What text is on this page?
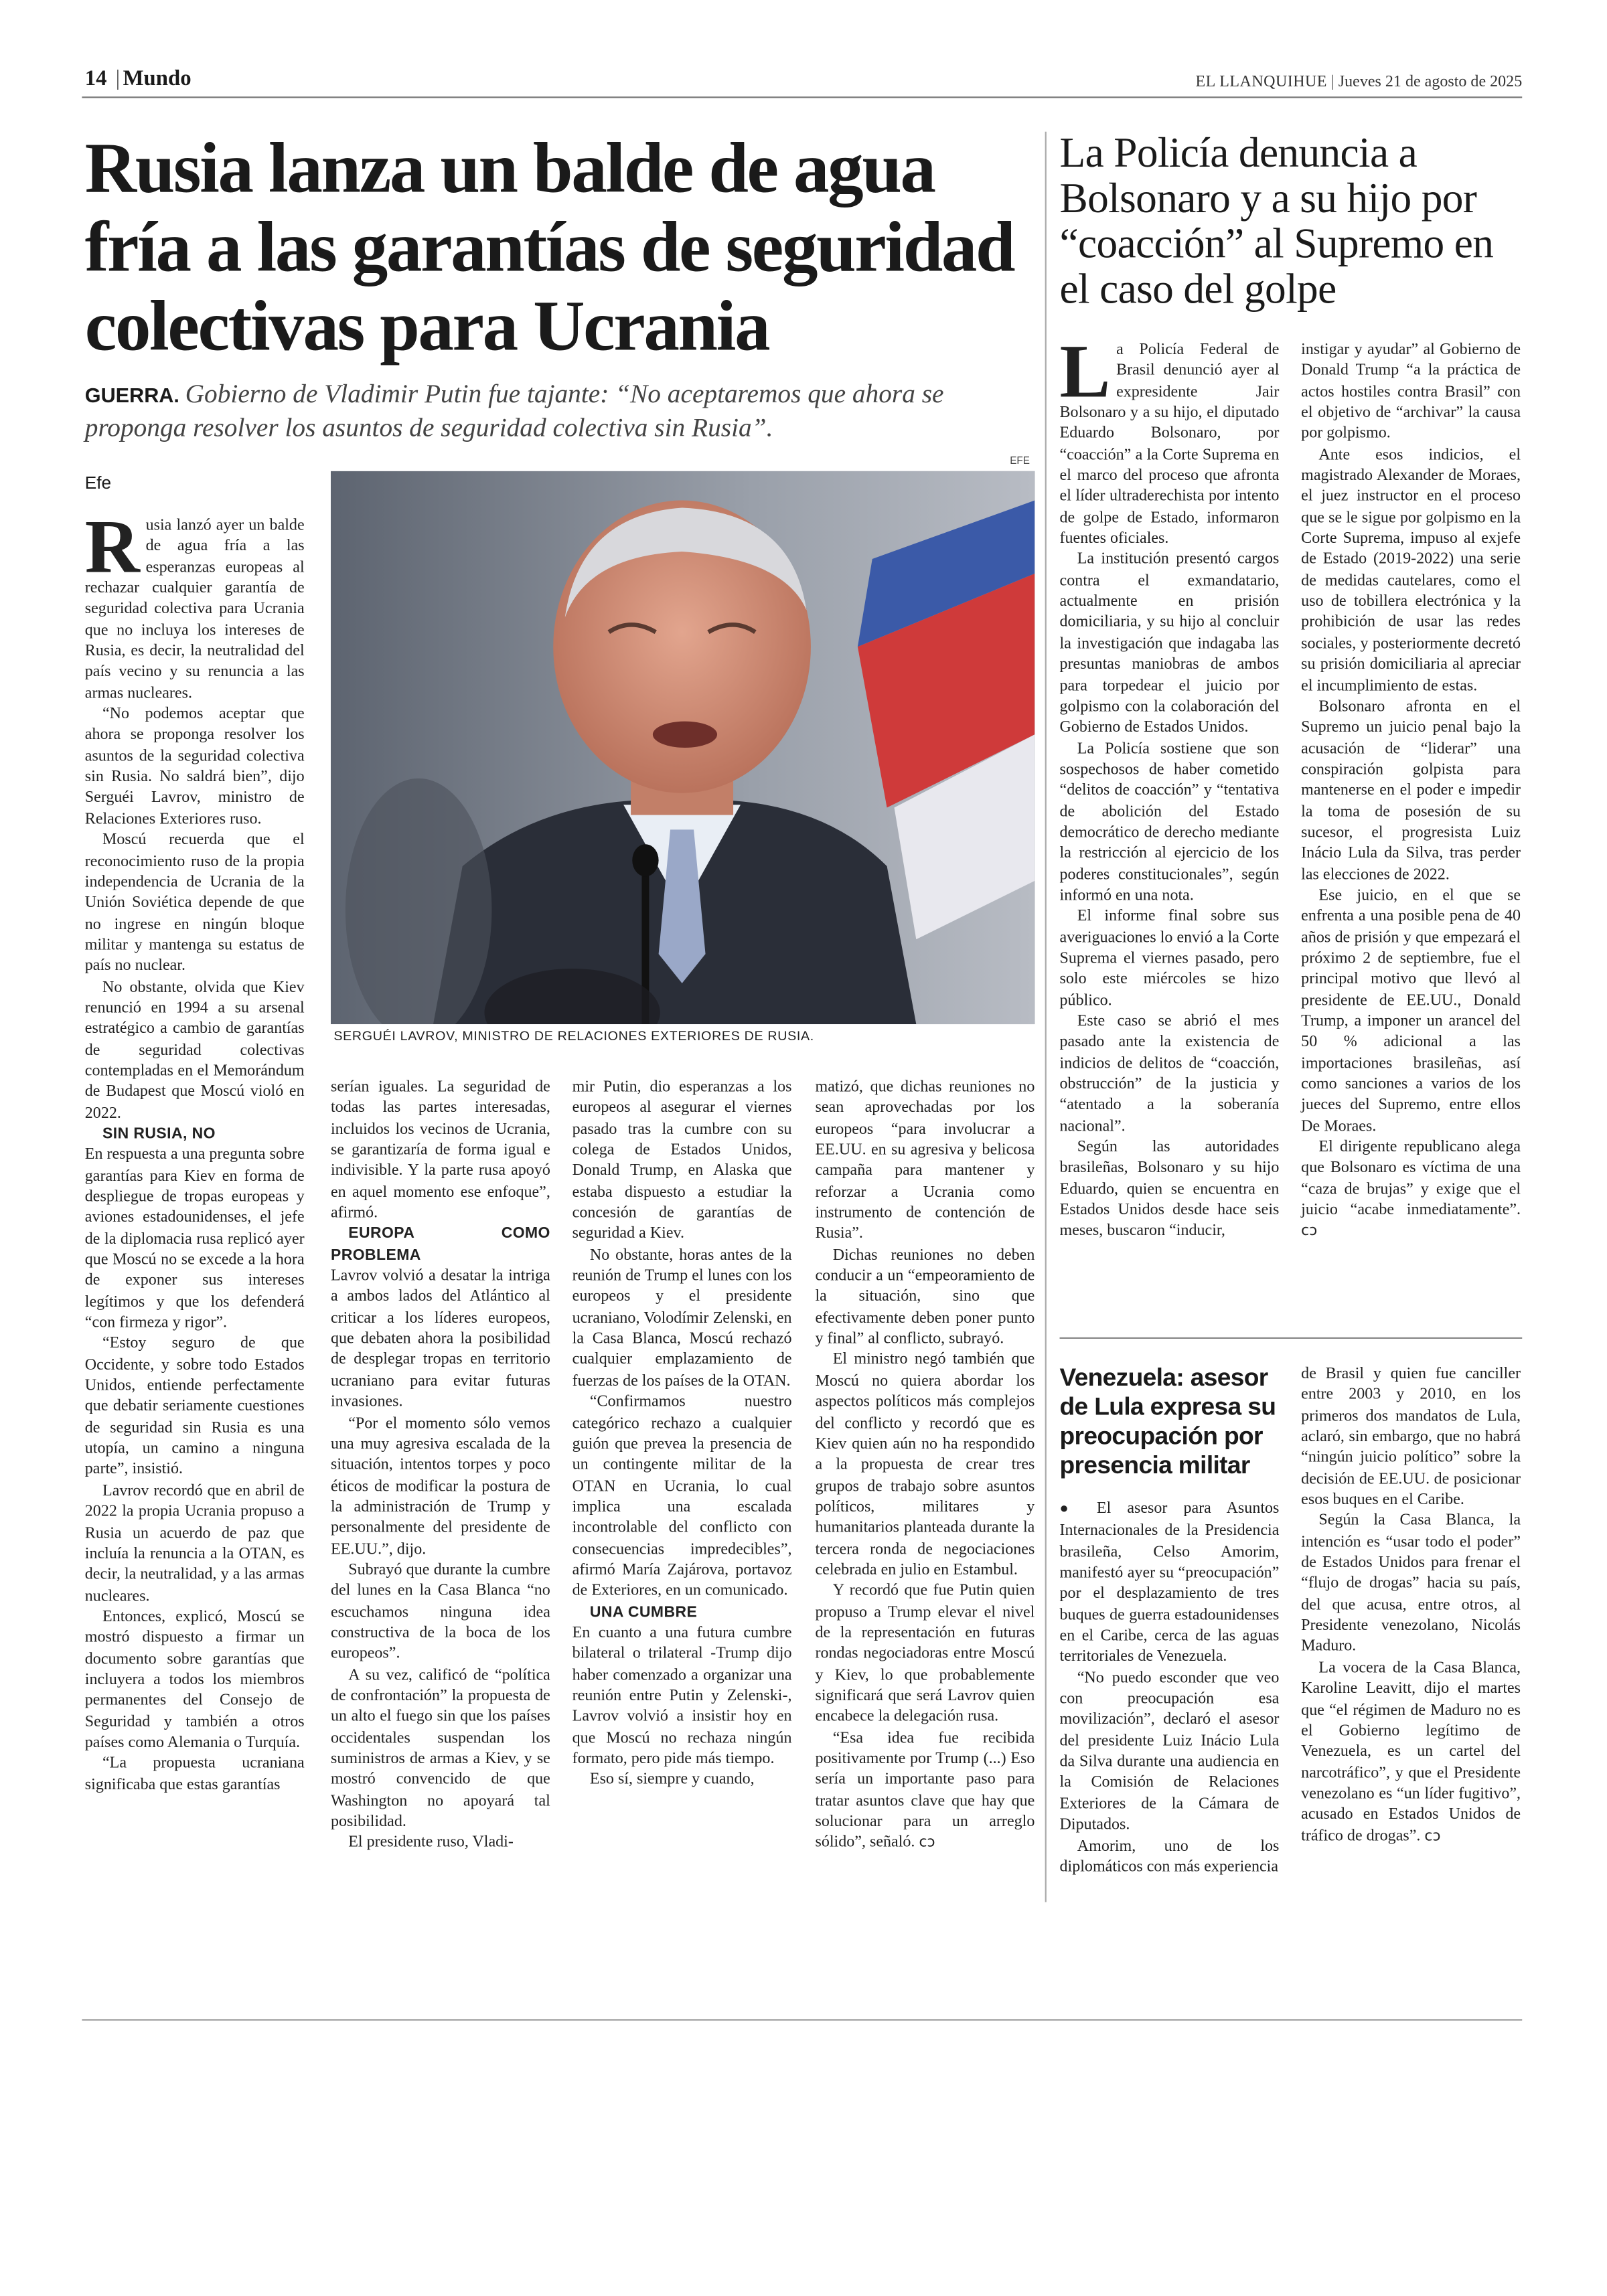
14 | Mundo	EL LLANQUIHUE | Jueves 21 de agosto de 2025
Rusia lanza un balde de agua fría a las garantías de seguridad colectivas para Ucrania
GUERRA. Gobierno de Vladimir Putin fue tajante: “No aceptaremos que ahora se proponga resolver los asuntos de seguridad colectiva sin Rusia”.
Efe
La Policía denuncia a Bolsonaro y a su hijo por “coacción” al Supremo en el caso del golpe
EFE
SERGUÉI LAVROV, MINISTRO DE RELACIONES EXTERIORES DE RUSIA.

Rusia lanzó ayer un balde de agua fría a las esperanzas europeas al rechazar cualquier garantía de seguridad colectiva para Ucrania que no incluya los intereses de Rusia, es decir, la neutralidad del país vecino y su renuncia a las armas nucleares.

“No podemos aceptar que ahora se proponga resolver los asuntos de la seguridad colectiva sin Rusia. No saldrá bien”, dijo Serguéi Lavrov, ministro de Relaciones Exteriores ruso.

Moscú recuerda que el reconocimiento ruso de la propia independencia de Ucrania de la Unión Soviética depende de que no ingrese en ningún bloque militar y mantenga su estatus de país no nuclear.

No obstante, olvida que Kiev renunció en 1994 a su arsenal estratégico a cambio de garantías de seguridad colectivas contempladas en el Memorándum de Budapest que Moscú violó en 2022.

SIN RUSIA, NO

En respuesta a una pregunta sobre garantías para Kiev en forma de despliegue de tropas europeas y aviones estadounidenses, el jefe de la diplomacia rusa replicó ayer que Moscú no se excede a la hora de exponer sus intereses legítimos y que los defenderá “con firmeza y rigor”.

“Estoy seguro de que Occidente, y sobre todo Estados Unidos, entiende perfectamente que debatir seriamente cuestiones de seguridad sin Rusia es una utopía, un camino a ninguna parte”, insistió.

Lavrov recordó que en abril de 2022 la propia Ucrania propuso a Rusia un acuerdo de paz que incluía la renuncia a la OTAN, es decir, la neutralidad, y a las armas nucleares.

Entonces, explicó, Moscú se mostró dispuesto a firmar un documento sobre garantías que incluyera a todos los miembros permanentes del Consejo de Seguridad y también a otros países como Alemania o Turquía.

“La propuesta ucraniana significaba que estas garantías

serían iguales. La seguridad de todas las partes interesadas, incluidos los vecinos de Ucrania, se garantizaría de forma igual e indivisible. Y la parte rusa apoyó en aquel momento ese enfoque”, afirmó.

EUROPA COMO PROBLEMA

Lavrov volvió a desatar la intriga a ambos lados del Atlántico al criticar a los líderes europeos, que debaten ahora la posibilidad de desplegar tropas en territorio ucraniano para evitar futuras invasiones.

“Por el momento sólo vemos una muy agresiva escalada de la situación, intentos torpes y poco éticos de modificar la postura de la administración de Trump y personalmente del presidente de EE.UU.”, dijo.

Subrayó que durante la cumbre del lunes en la Casa Blanca “no escuchamos ninguna idea constructiva de la boca de los europeos”.

A su vez, calificó de “política de confrontación” la propuesta de un alto el fuego sin que los países occidentales suspendan los suministros de armas a Kiev, y se mostró convencido de que Washington no apoyará tal posibilidad.

El presidente ruso, Vladi-

mir Putin, dio esperanzas a los europeos al asegurar el viernes pasado tras la cumbre con su colega de Estados Unidos, Donald Trump, en Alaska que estaba dispuesto a estudiar la concesión de garantías de seguridad a Kiev.

No obstante, horas antes de la reunión de Trump el lunes con los europeos y el presidente ucraniano, Volodímir Zelenski, en la Casa Blanca, Moscú rechazó cualquier emplazamiento de fuerzas de los países de la OTAN.

“Confirmamos nuestro categórico rechazo a cualquier guión que prevea la presencia de un contingente militar de la OTAN en Ucrania, lo cual implica una escalada incontrolable del conflicto con consecuencias impredecibles”, afirmó María Zajárova, portavoz de Exteriores, en un comunicado.

UNA CUMBRE

En cuanto a una futura cumbre bilateral o trilateral -Trump dijo haber comenzado a organizar una reunión entre Putin y Zelenski-, Lavrov volvió a insistir hoy en que Moscú no rechaza ningún formato, pero pide más tiempo.

Eso sí, siempre y cuando,

matizó, que dichas reuniones no sean aprovechadas por los europeos “para involucrar a EE.UU. en su agresiva y belicosa campaña para mantener y reforzar a Ucrania como instrumento de contención de Rusia”.

Dichas reuniones no deben conducir a un “empeoramiento de la situación, sino que efectivamente deben poner punto y final” al conflicto, subrayó.

El ministro negó también que Moscú no quiera abordar los aspectos políticos más complejos del conflicto y recordó que es Kiev quien aún no ha respondido a la propuesta de crear tres grupos de trabajo sobre asuntos políticos, militares y humanitarios planteada durante la tercera ronda de negociaciones celebrada en julio en Estambul.

Y recordó que fue Putin quien propuso a Trump elevar el nivel de la representación en futuras rondas negociadoras entre Moscú y Kiev, lo que probablemente significará que será Lavrov quien encabece la delegación rusa.

“Esa idea fue recibida positivamente por Trump (...) Eso sería un importante paso para tratar asuntos clave que hay que solucionar para un arreglo sólido”, señaló. cↄ

La Policía Federal de Brasil denunció ayer al expresidente Jair Bolsonaro y a su hijo, el diputado Eduardo Bolsonaro, por “coacción” a la Corte Suprema en el marco del proceso que afronta el líder ultraderechista por intento de golpe de Estado, informaron fuentes oficiales.

La institución presentó cargos contra el exmandatario, actualmente en prisión domiciliaria, y su hijo al concluir la investigación que indagaba las presuntas maniobras de ambos para torpedear el juicio por golpismo con la colaboración del Gobierno de Estados Unidos.

La Policía sostiene que son sospechosos de haber cometido “delitos de coacción” y “tentativa de abolición del Estado democrático de derecho mediante la restricción al ejercicio de los poderes constitucionales”, según informó en una nota.

El informe final sobre sus averiguaciones lo envió a la Corte Suprema el viernes pasado, pero solo este miércoles se hizo público.

Este caso se abrió el mes pasado ante la existencia de indicios de delitos de “coacción, obstrucción” de la justicia y “atentado a la soberanía nacional”.

Según las autoridades brasileñas, Bolsonaro y su hijo Eduardo, quien se encuentra en Estados Unidos desde hace seis meses, buscaron “inducir,

instigar y ayudar” al Gobierno de Donald Trump “a la práctica de actos hostiles contra Brasil” con el objetivo de “archivar” la causa por golpismo.

Ante esos indicios, el magistrado Alexander de Moraes, el juez instructor en el proceso que se le sigue por golpismo en la Corte Suprema, impuso al exjefe de Estado (2019-2022) una serie de medidas cautelares, como el uso de tobillera electrónica y la prohibición de usar las redes sociales, y posteriormente decretó su prisión domiciliaria al apreciar el incumplimiento de estas.

Bolsonaro afronta en el Supremo un juicio penal bajo la acusación de “liderar” una conspiración golpista para mantenerse en el poder e impedir la toma de posesión de su sucesor, el progresista Luiz Inácio Lula da Silva, tras perder las elecciones de 2022.

Ese juicio, en el que se enfrenta a una posible pena de 40 años de prisión y que empezará el próximo 2 de septiembre, fue el principal motivo que llevó al presidente de EE.UU., Donald Trump, a imponer un arancel del 50 % adicional a las importaciones brasileñas, así como sanciones a varios de los jueces del Supremo, entre ellos De Moraes.

El dirigente republicano alega que Bolsonaro es víctima de una “caza de brujas” y exige que el juicio “acabe inmediatamente”. cↄ

Venezuela: asesor de Lula expresa su preocupación por presencia militar

● El asesor para Asuntos Internacionales de la Presidencia brasileña, Celso Amorim, manifestó ayer su “preocupación” por el desplazamiento de tres buques de guerra estadounidenses en el Caribe, cerca de las aguas territoriales de Venezuela.

“No puedo esconder que veo con preocupación esa movilización”, declaró el asesor del presidente Luiz Inácio Lula da Silva durante una audiencia en la Comisión de Relaciones Exteriores de la Cámara de Diputados.

Amorim, uno de los diplomáticos con más experiencia

de Brasil y quien fue canciller entre 2003 y 2010, en los primeros dos mandatos de Lula, aclaró, sin embargo, que no habrá “ningún juicio político” sobre la decisión de EE.UU. de posicionar esos buques en el Caribe.

Según la Casa Blanca, la intención es “usar todo el poder” de Estados Unidos para frenar el “flujo de drogas” hacia su país, del que acusa, entre otros, al Presidente venezolano, Nicolás Maduro.

La vocera de la Casa Blanca, Karoline Leavitt, dijo el martes que “el régimen de Maduro no es el Gobierno legítimo de Venezuela, es un cartel del narcotráfico”, y que el Presidente venezolano es “un líder fugitivo”, acusado en Estados Unidos de tráfico de drogas”. cↄ
